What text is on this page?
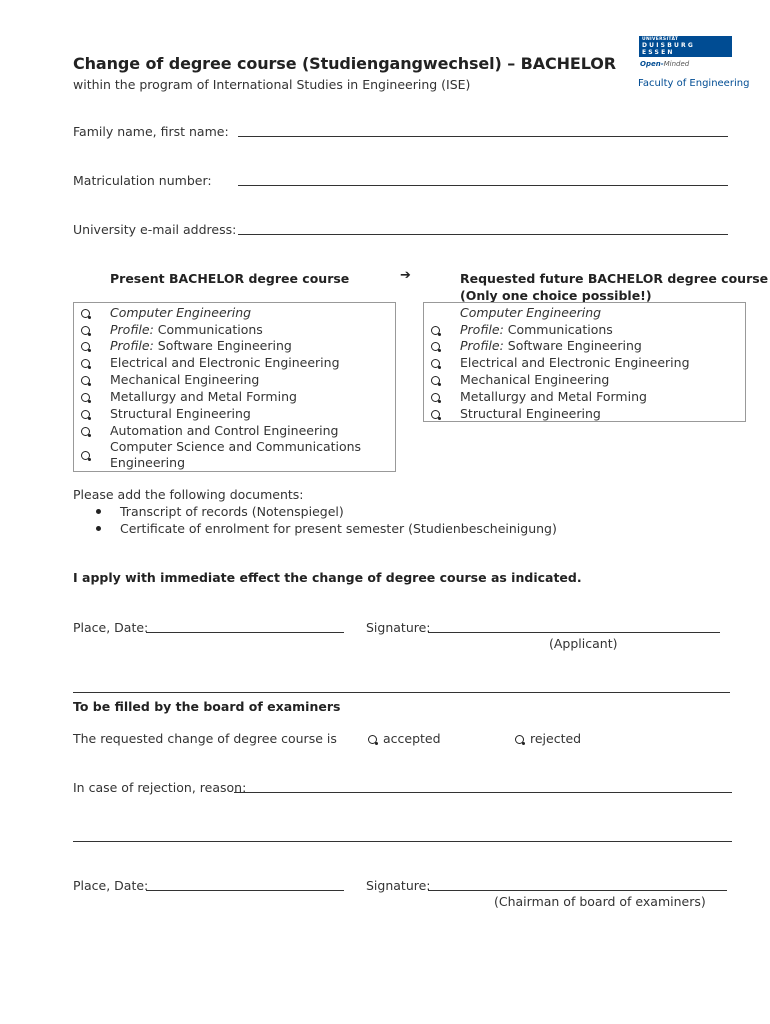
Change of degree course (Studiengangwechsel) – BACHELOR
within the program of International Studies in Engineering (ISE)
UNIVERSITÄT
DUISBURG
ESSEN
Open-Minded
Faculty of Engineering
Family name, first name:
Matriculation number:
University e-mail address:
Present BACHELOR degree course	➔	Requested future BACHELOR degree course
(Only one choice possible!)
Computer Engineering
Profile: Communications
Profile: Software Engineering
Electrical and Electronic Engineering
Mechanical Engineering
Metallurgy and Metal Forming
Structural Engineering
Automation and Control Engineering
Computer Science and Communications
Engineering
Computer Engineering
Profile: Communications
Profile: Software Engineering
Electrical and Electronic Engineering
Mechanical Engineering
Metallurgy and Metal Forming
Structural Engineering
Please add the following documents:
Transcript of records (Notenspiegel)
Certificate of enrolment for present semester (Studienbescheinigung)
I apply with immediate effect the change of degree course as indicated.
Place, Date:	Signature:
(Applicant)
To be filled by the board of examiners
The requested change of degree course is	accepted	rejected
In case of rejection, reason:
Place, Date:	Signature:
(Chairman of board of examiners)
